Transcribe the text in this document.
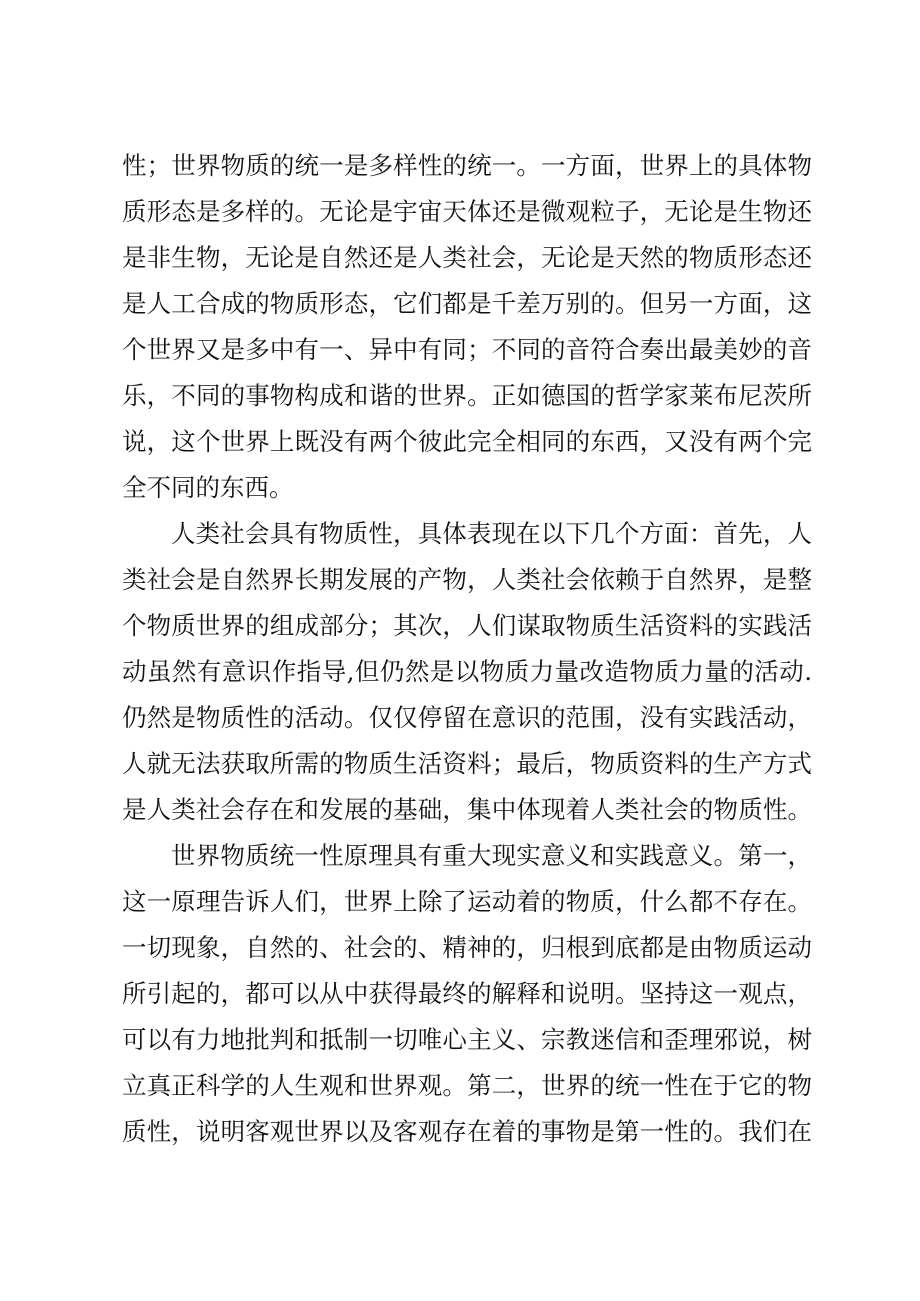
性；世界物质的统一是多样性的统一。一方面，世界上的具体物
质形态是多样的。无论是宇宙天体还是微观粒子，无论是生物还
是非生物，无论是自然还是人类社会，无论是天然的物质形态还
是人工合成的物质形态，它们都是千差万别的。但另一方面，这
个世界又是多中有一、异中有同；不同的音符合奏出最美妙的音
乐，不同的事物构成和谐的世界。正如德国的哲学家莱布尼茨所
说，这个世界上既没有两个彼此完全相同的东西，又没有两个完
全不同的东西。
人类社会具有物质性，具体表现在以下几个方面：首先，人
类社会是自然界长期发展的产物，人类社会依赖于自然界，是整
个物质世界的组成部分；其次，人们谋取物质生活资料的实践活
动虽然有意识作指导,但仍然是以物质力量改造物质力量的活动.
仍然是物质性的活动。仅仅停留在意识的范围，没有实践活动，
人就无法获取所需的物质生活资料；最后，物质资料的生产方式
是人类社会存在和发展的基础，集中体现着人类社会的物质性。
世界物质统一性原理具有重大现实意义和实践意义。第一，
这一原理告诉人们，世界上除了运动着的物质，什么都不存在。
一切现象，自然的、社会的、精神的，归根到底都是由物质运动
所引起的，都可以从中获得最终的解释和说明。坚持这一观点，
可以有力地批判和抵制一切唯心主义、宗教迷信和歪理邪说，树
立真正科学的人生观和世界观。第二，世界的统一性在于它的物
质性，说明客观世界以及客观存在着的事物是第一性的。我们在
